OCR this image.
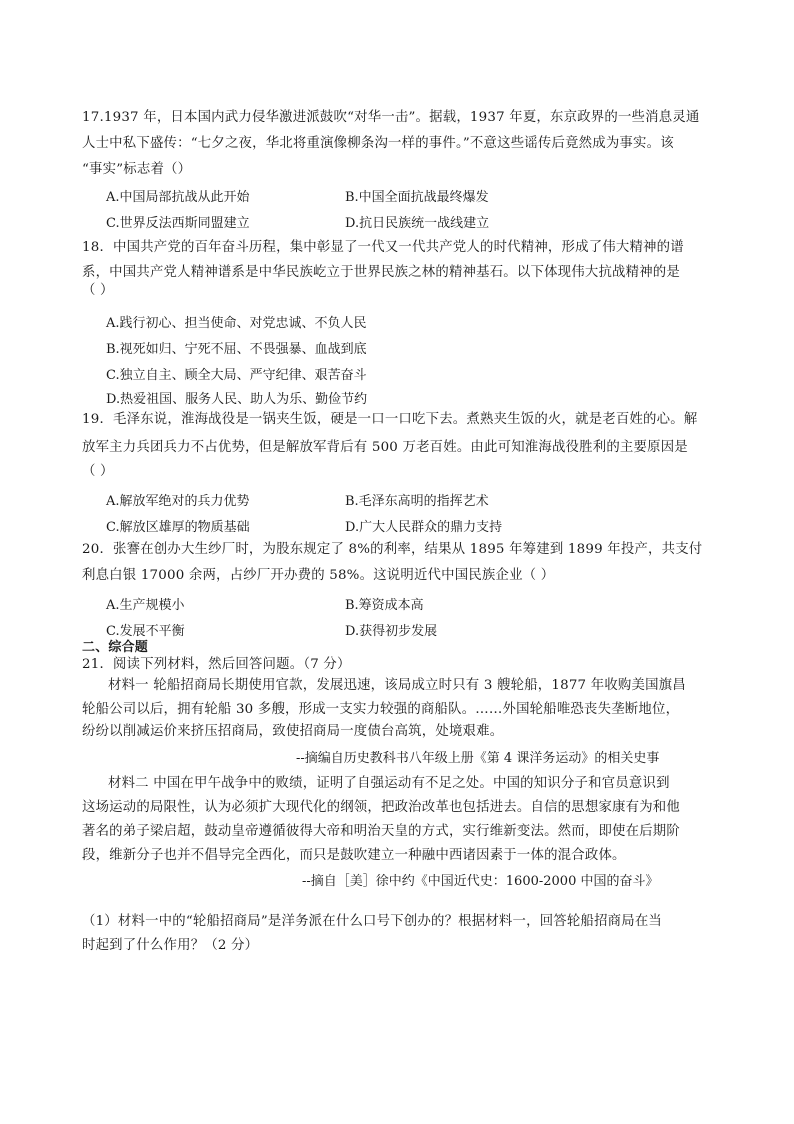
17.1937 年，日本国内武力侵华激进派鼓吹“对华一击”。据载，1937 年夏，东京政界的一些消息灵通
人士中私下盛传：“七夕之夜，华北将重演像柳条沟一样的事件。”不意这些谣传后竟然成为事实。该
“事实”标志着（）
A.中国局部抗战从此开始	B.中国全面抗战最终爆发
C.世界反法西斯同盟建立	D.抗日民族统一战线建立
18．中国共产党的百年奋斗历程，集中彰显了一代又一代共产党人的时代精神，形成了伟大精神的谱
系，中国共产党人精神谱系是中华民族屹立于世界民族之林的精神基石。以下体现伟大抗战精神的是
（ ）
A.践行初心、担当使命、对党忠诚、不负人民
B.视死如归、宁死不屈、不畏强暴、血战到底
C.独立自主、顾全大局、严守纪律、艰苦奋斗
D.热爱祖国、服务人民、助人为乐、勤俭节约
19．毛泽东说，淮海战役是一锅夹生饭，硬是一口一口吃下去。煮熟夹生饭的火，就是老百姓的心。解
放军主力兵团兵力不占优势，但是解放军背后有 500 万老百姓。由此可知淮海战役胜利的主要原因是
（ ）
A.解放军绝对的兵力优势	B.毛泽东高明的指挥艺术
C.解放区雄厚的物质基础	D.广大人民群众的鼎力支持
20．张謇在创办大生纱厂时，为股东规定了 8%的利率，结果从 1895 年筹建到 1899 年投产，共支付
利息白银 17000 余两，占纱厂开办费的 58%。这说明近代中国民族企业（ ）
A.生产规模小	B.筹资成本高
C.发展不平衡	D.获得初步发展
二、综合题
21．阅读下列材料，然后回答问题。（7 分）
材料一 轮船招商局长期使用官款，发展迅速，该局成立时只有 3 艘轮船，1877 年收购美国旗昌
轮船公司以后，拥有轮船 30 多艘，形成一支实力较强的商船队。……外国轮船唯恐丧失垄断地位，
纷纷以削减运价来挤压招商局，致使招商局一度债台高筑，处境艰难。
--摘编自历史教科书八年级上册《第 4 课洋务运动》的相关史事
材料二 中国在甲午战争中的败绩，证明了自强运动有不足之处。中国的知识分子和官员意识到
这场运动的局限性，认为必须扩大现代化的纲领，把政治改革也包括进去。自信的思想家康有为和他
著名的弟子梁启超，鼓动皇帝遵循彼得大帝和明治天皇的方式，实行维新变法。然而，即使在后期阶
段，维新分子也并不倡导完全西化，而只是鼓吹建立一种融中西诸因素于一体的混合政体。
--摘自［美］徐中约《中国近代史：1600-2000 中国的奋斗》
（1）材料一中的“轮船招商局”是洋务派在什么口号下创办的？根据材料一，回答轮船招商局在当
时起到了什么作用？（2 分）
